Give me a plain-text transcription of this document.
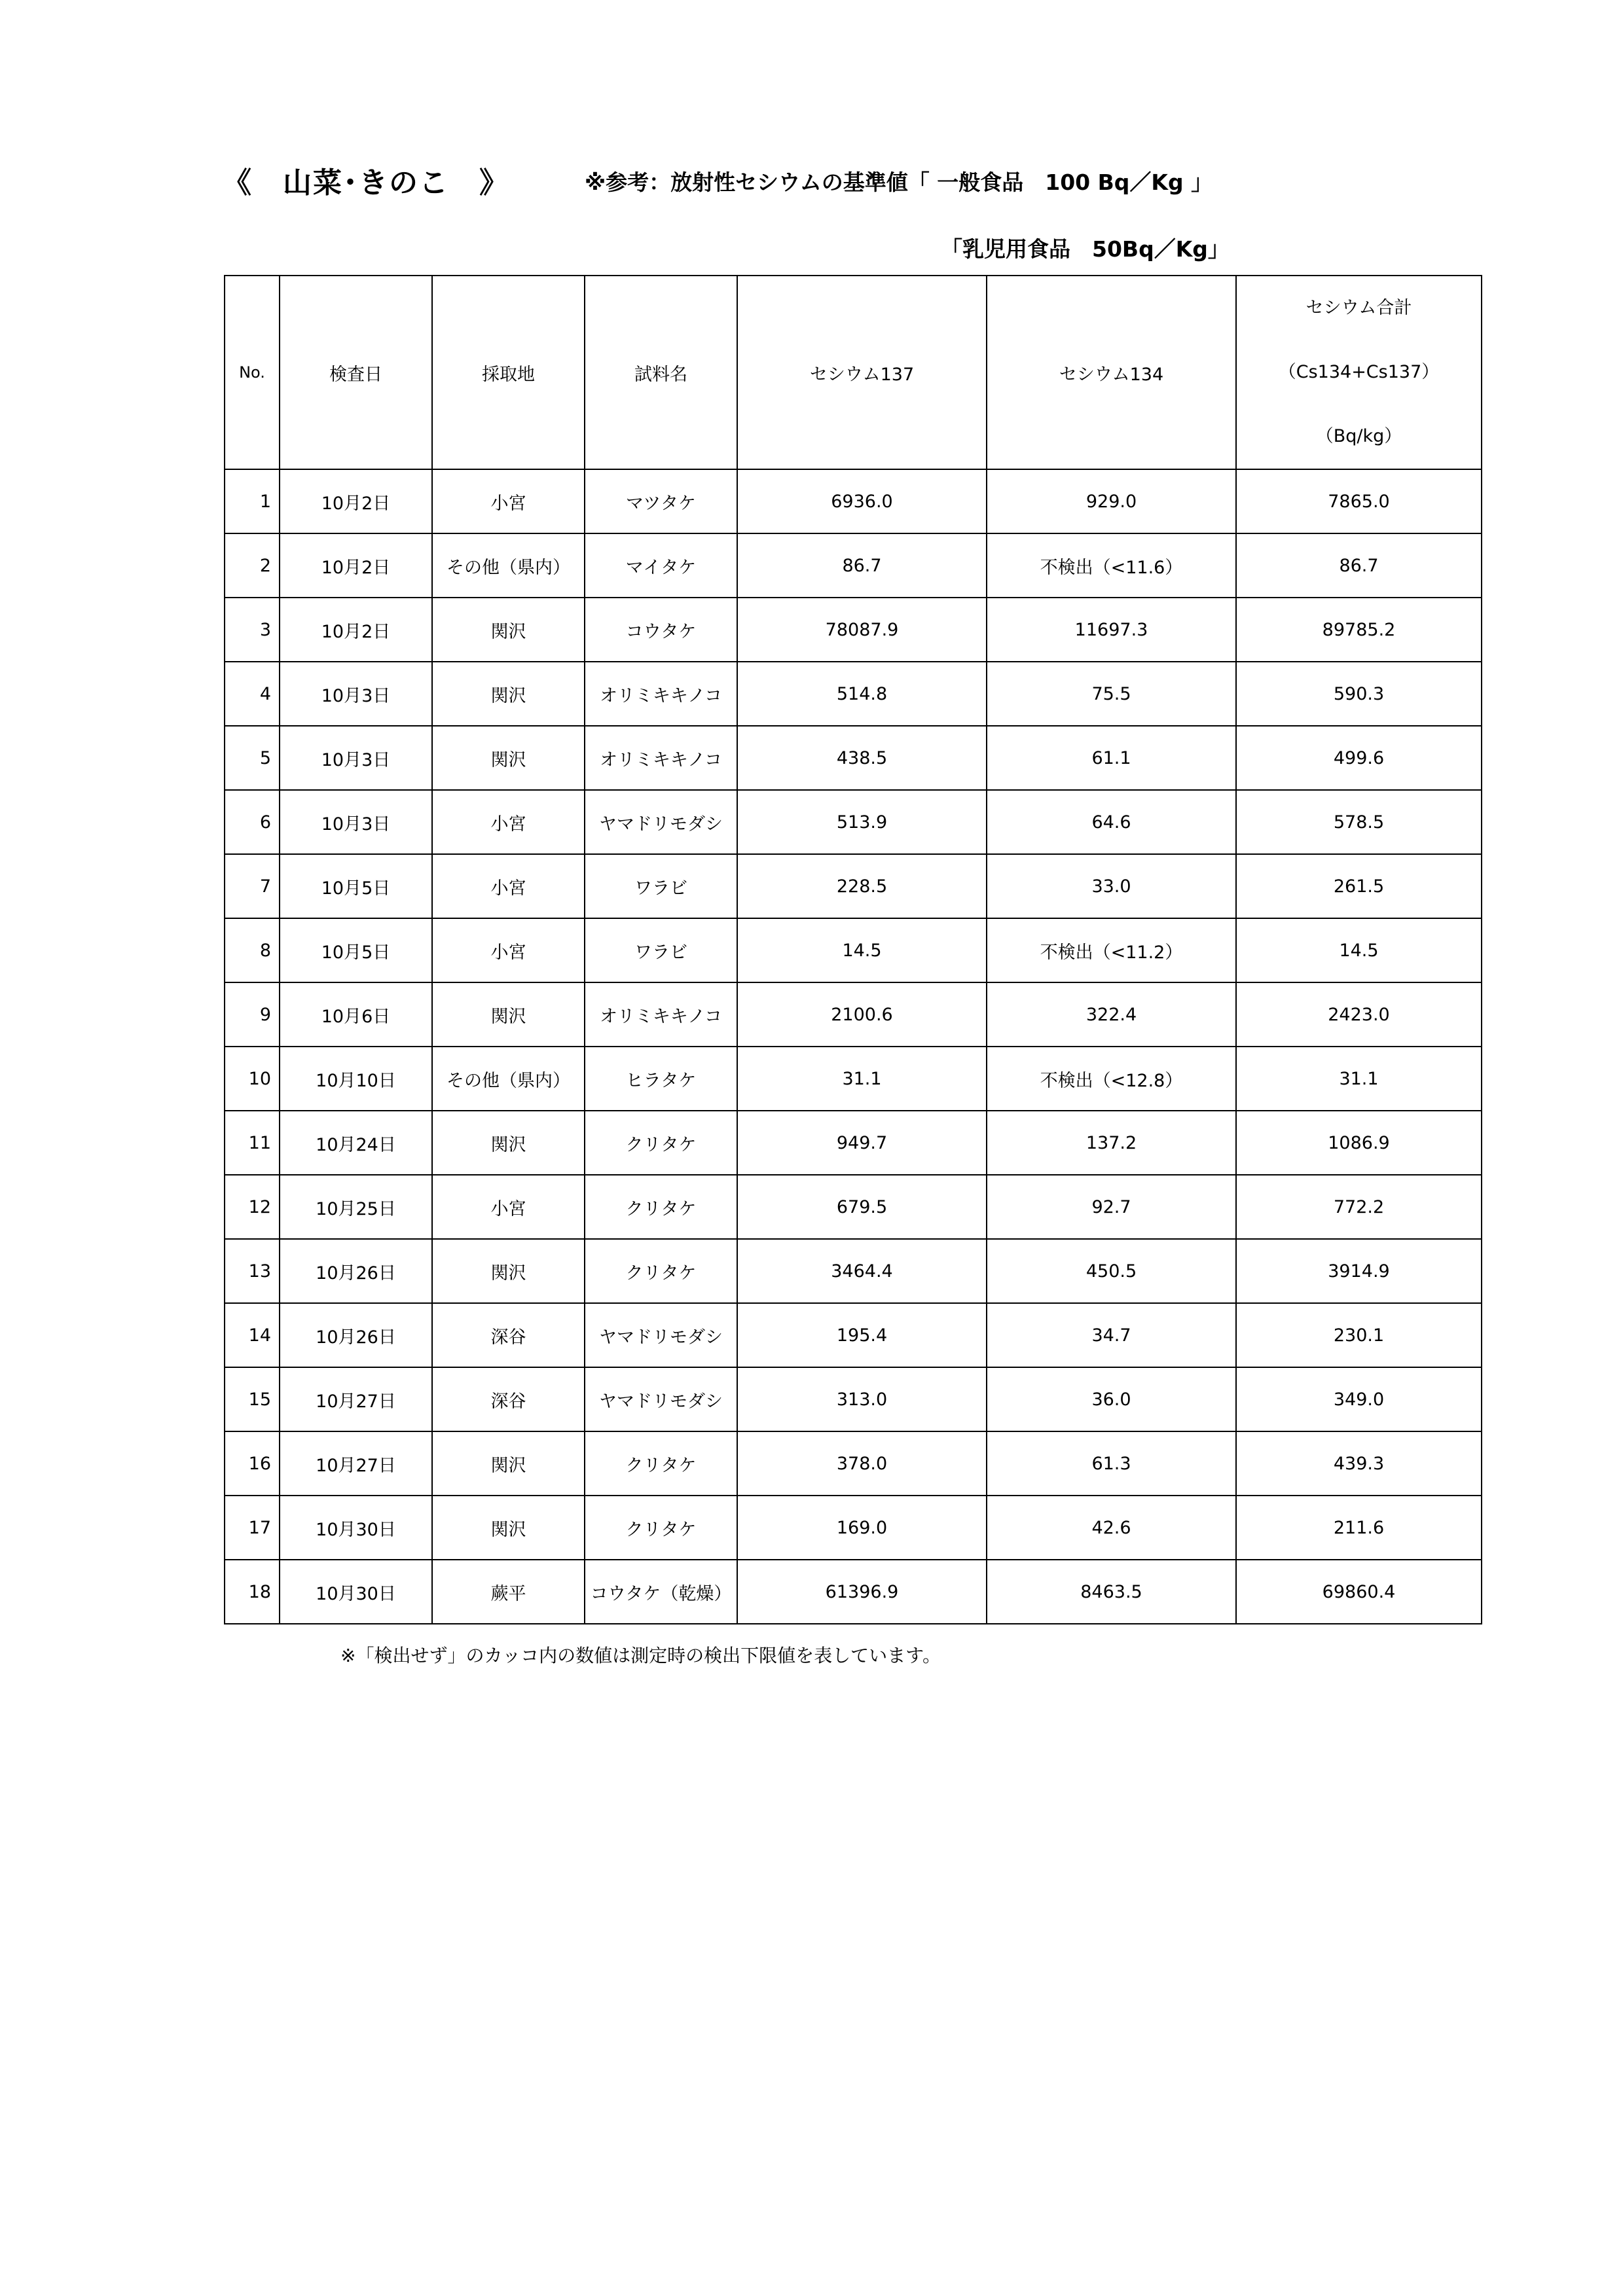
《　山菜･きのこ　》	※参考：放射性セシウムの基準値「 一般食品　100 Bq／Kg 」
「乳児用食品　50Bq／Kg」
No.	検査日	採取地	試料名	セシウム137	セシウム134	セシウム合計
（Cs134+Cs137）
（Bq/kg）

1	10月2日	小宮	マツタケ	6936.0	929.0	7865.0
2	10月2日	その他（県内）	マイタケ	86.7	不検出（<11.6）	86.7
3	10月2日	関沢	コウタケ	78087.9	11697.3	89785.2
4	10月3日	関沢	オリミキキノコ	514.8	75.5	590.3
5	10月3日	関沢	オリミキキノコ	438.5	61.1	499.6
6	10月3日	小宮	ヤマドリモダシ	513.9	64.6	578.5
7	10月5日	小宮	ワラビ	228.5	33.0	261.5
8	10月5日	小宮	ワラビ	14.5	不検出（<11.2）	14.5
9	10月6日	関沢	オリミキキノコ	2100.6	322.4	2423.0
10	10月10日	その他（県内）	ヒラタケ	31.1	不検出（<12.8）	31.1
11	10月24日	関沢	クリタケ	949.7	137.2	1086.9
12	10月25日	小宮	クリタケ	679.5	92.7	772.2
13	10月26日	関沢	クリタケ	3464.4	450.5	3914.9
14	10月26日	深谷	ヤマドリモダシ	195.4	34.7	230.1
15	10月27日	深谷	ヤマドリモダシ	313.0	36.0	349.0
16	10月27日	関沢	クリタケ	378.0	61.3	439.3
17	10月30日	関沢	クリタケ	169.0	42.6	211.6
18	10月30日	蕨平	コウタケ（乾燥）	61396.9	8463.5	69860.4
※「検出せず」のカッコ内の数値は測定時の検出下限値を表しています。
